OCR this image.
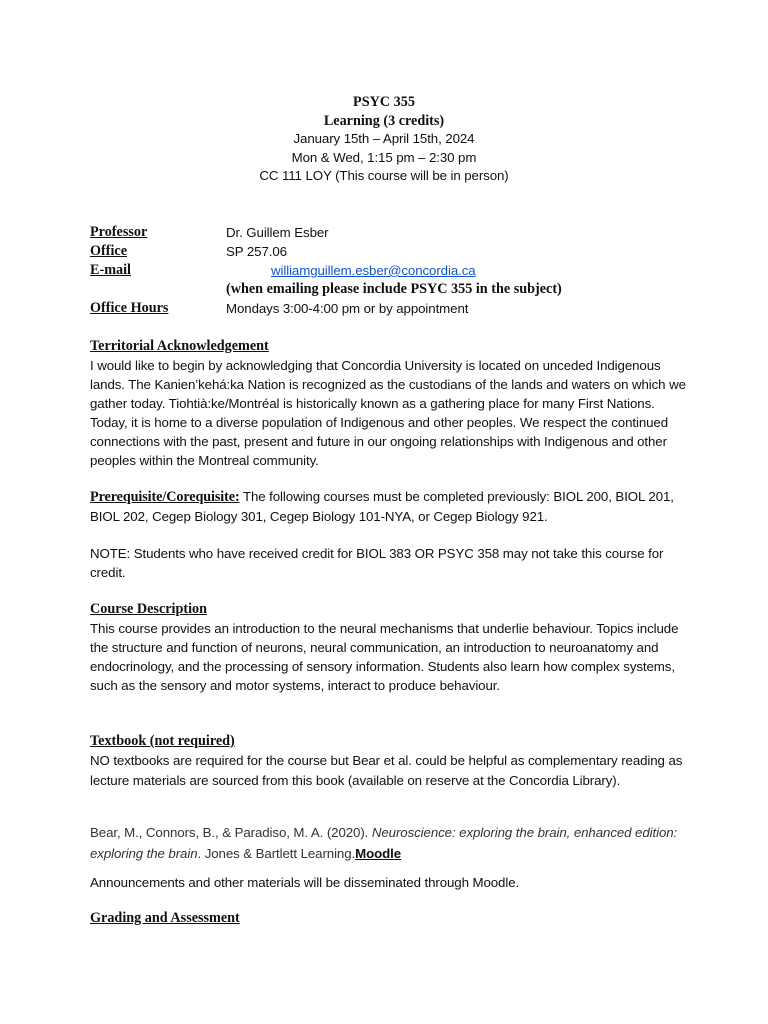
PSYC 355
Learning (3 credits)
January 15th – April 15th, 2024
Mon & Wed, 1:15 pm – 2:30 pm
CC 111 LOY (This course will be in person)
Professor	Dr. Guillem Esber
Office	SP 257.06
E-mail	williamguillem.esber@concordia.ca
(when emailing please include PSYC 355 in the subject)
Office Hours	Mondays 3:00-4:00 pm or by appointment
Territorial Acknowledgement

I would like to begin by acknowledging that Concordia University is located on unceded Indigenous lands. The Kanien’kehá:ka Nation is recognized as the custodians of the lands and waters on which we gather today. Tiohtià:ke/Montréal is historically known as a gathering place for many First Nations. Today, it is home to a diverse population of Indigenous and other peoples. We respect the continued connections with the past, present and future in our ongoing relationships with Indigenous and other peoples within the Montreal community.

Prerequisite/Corequisite: The following courses must be completed previously: BIOL 200, BIOL 201, BIOL 202, Cegep Biology 301, Cegep Biology 101-NYA, or Cegep Biology 921.

NOTE: Students who have received credit for BIOL 383 OR PSYC 358 may not take this course for credit.

Course Description

This course provides an introduction to the neural mechanisms that underlie behaviour. Topics include the structure and function of neurons, neural communication, an introduction to neuroanatomy and endocrinology, and the processing of sensory information. Students also learn how complex systems, such as the sensory and motor systems, interact to produce behaviour.

Textbook (not required)

NO textbooks are required for the course but Bear et al. could be helpful as complementary reading as lecture materials are sourced from this book (available on reserve at the Concordia Library).

Bear, M., Connors, B., & Paradiso, M. A. (2020). Neuroscience: exploring the brain, enhanced edition: exploring the brain. Jones & Bartlett Learning.Moodle

Announcements and other materials will be disseminated through Moodle.

Grading and Assessment
